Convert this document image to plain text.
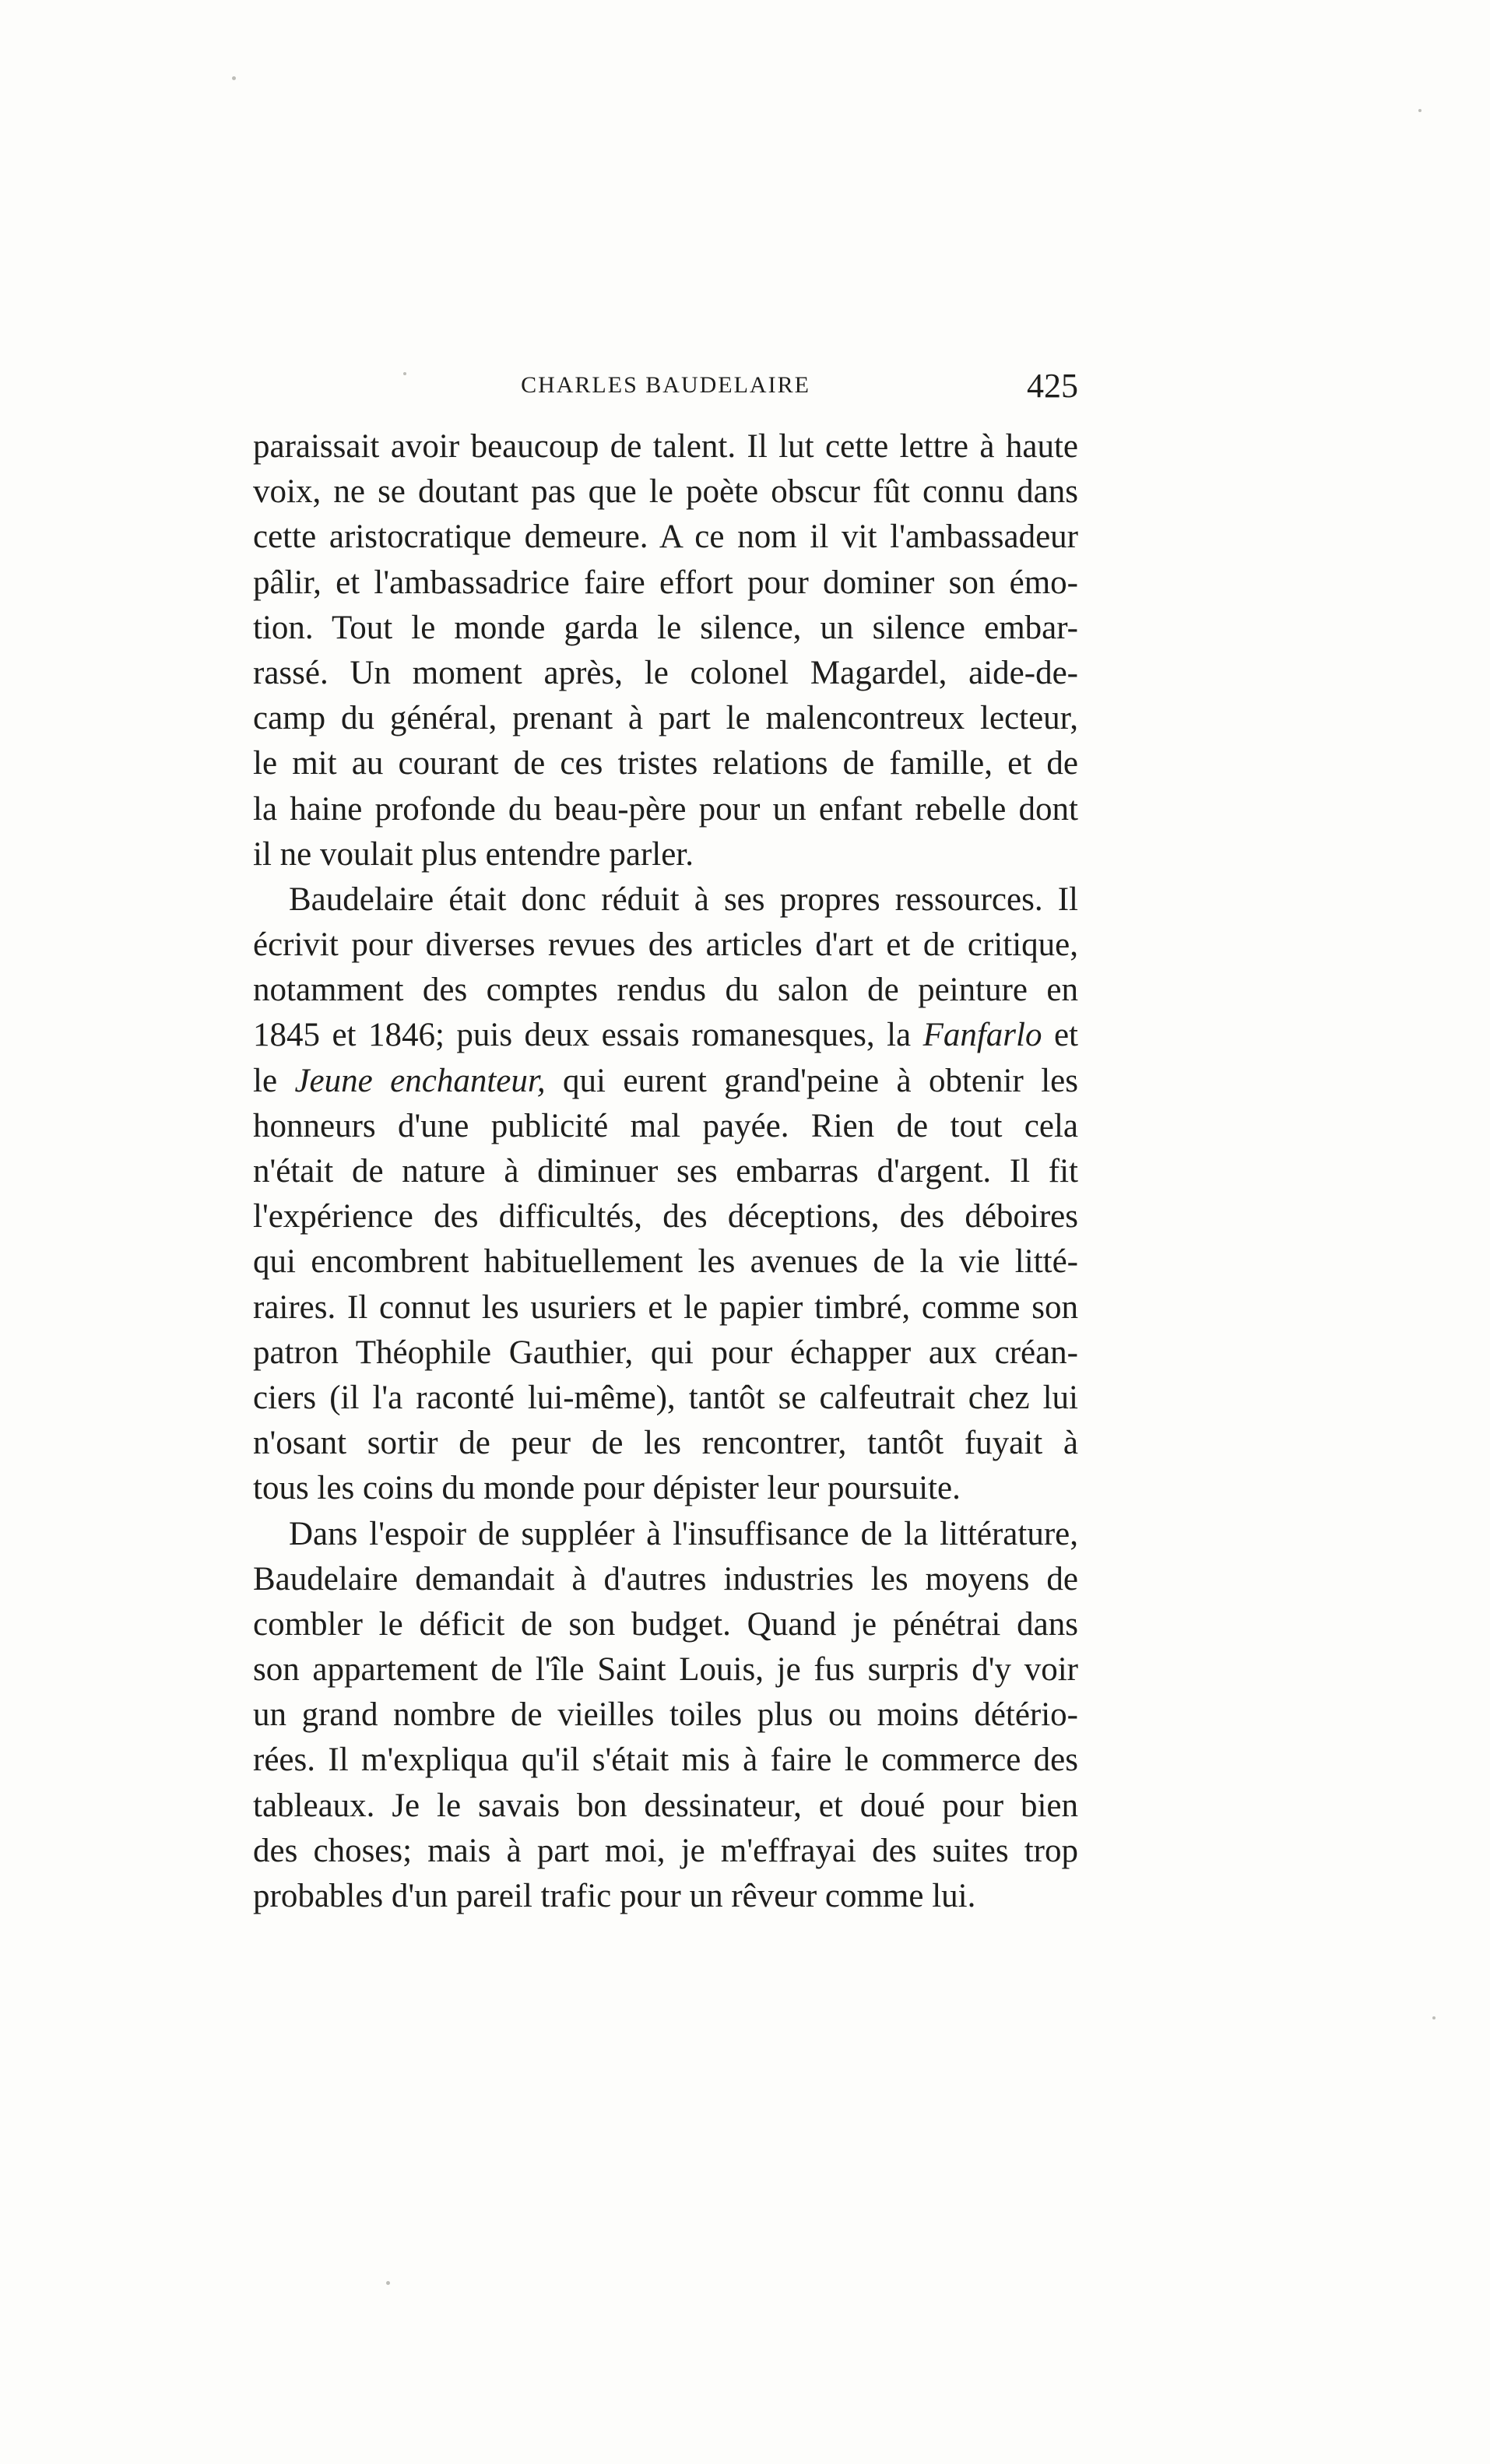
CHARLES BAUDELAIRE	425
paraissait avoir beaucoup de talent. Il lut cette lettre à haute
voix, ne se doutant pas que le poète obscur fût connu dans
cette aristocratique demeure. A ce nom il vit l'ambassadeur
pâlir, et l'ambassadrice faire effort pour dominer son émo-
tion. Tout le monde garda le silence, un silence embar-
rassé. Un moment après, le colonel Magardel, aide-de-
camp du général, prenant à part le malencontreux lecteur,
le mit au courant de ces tristes relations de famille, et de
la haine profonde du beau-père pour un enfant rebelle dont
il ne voulait plus entendre parler.
Baudelaire était donc réduit à ses propres ressources. Il
écrivit pour diverses revues des articles d'art et de critique,
notamment des comptes rendus du salon de peinture en
1845 et 1846; puis deux essais romanesques, la Fanfarlo et
le Jeune enchanteur, qui eurent grand'peine à obtenir les
honneurs d'une publicité mal payée. Rien de tout cela
n'était de nature à diminuer ses embarras d'argent. Il fit
l'expérience des difficultés, des déceptions, des déboires
qui encombrent habituellement les avenues de la vie litté-
raires. Il connut les usuriers et le papier timbré, comme son
patron Théophile Gauthier, qui pour échapper aux créan-
ciers (il l'a raconté lui-même), tantôt se calfeutrait chez lui
n'osant sortir de peur de les rencontrer, tantôt fuyait à
tous les coins du monde pour dépister leur poursuite.
Dans l'espoir de suppléer à l'insuffisance de la littérature,
Baudelaire demandait à d'autres industries les moyens de
combler le déficit de son budget. Quand je pénétrai dans
son appartement de l'île Saint Louis, je fus surpris d'y voir
un grand nombre de vieilles toiles plus ou moins détério-
rées. Il m'expliqua qu'il s'était mis à faire le commerce des
tableaux. Je le savais bon dessinateur, et doué pour bien
des choses; mais à part moi, je m'effrayai des suites trop
probables d'un pareil trafic pour un rêveur comme lui.
